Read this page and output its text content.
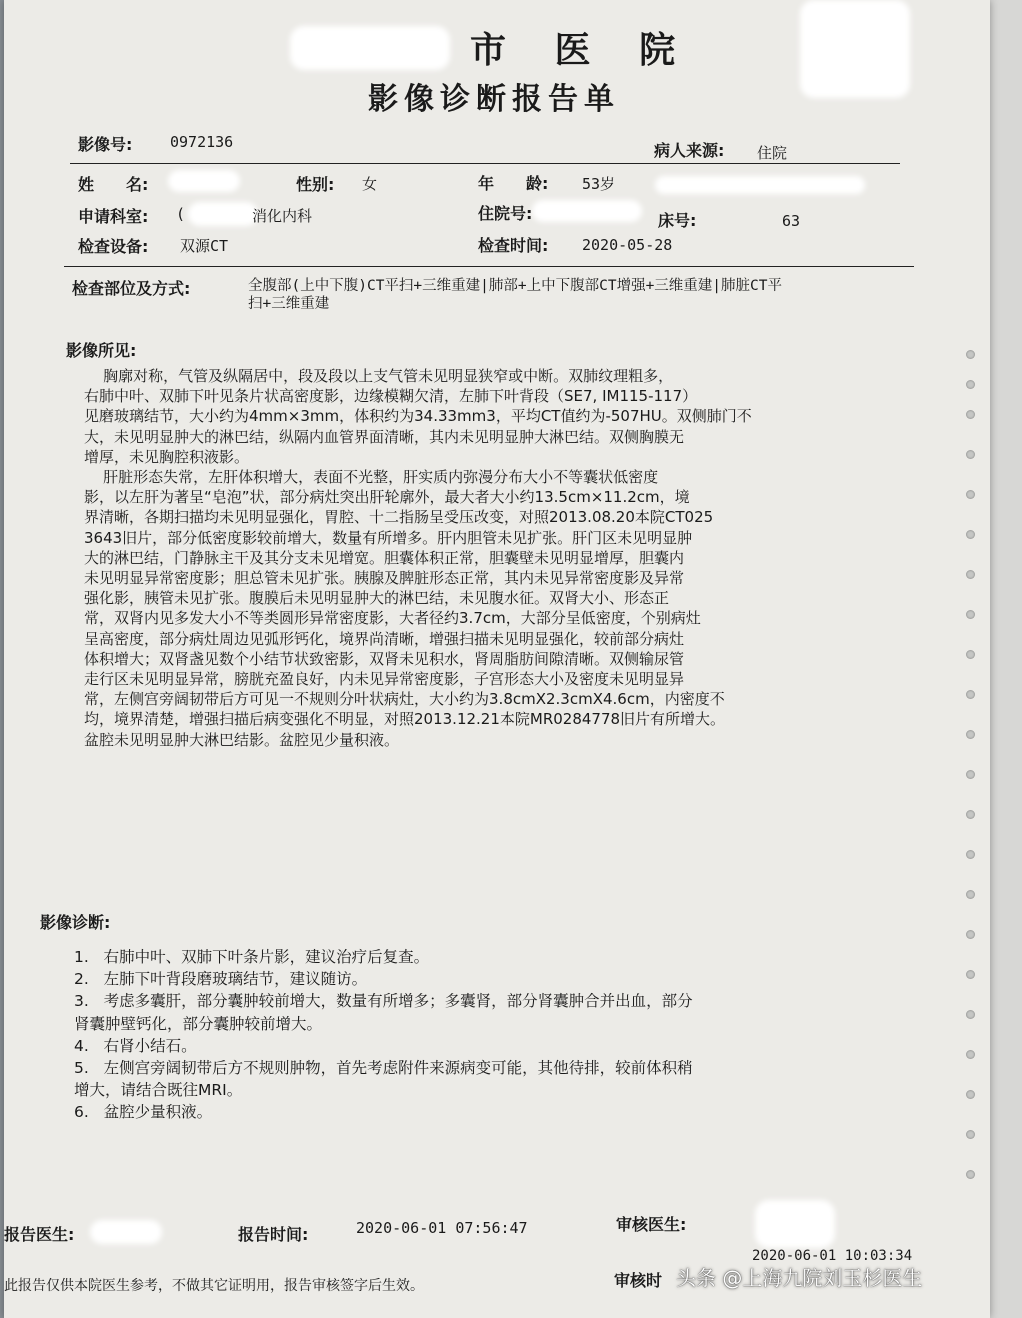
市 医 院
影像诊断报告单
影像号:	0972136	病人来源: 住院
姓　　名:	性别: 女	年　　龄: 53岁
申请科室: (	消化内科	住院号:	床号:	63
检查设备: 双源CT	检查时间: 2020-05-28
检查部位及方式:	全腹部(上中下腹)CT平扫+三维重建|肺部+上中下腹部CT增强+三维重建|肺脏CT平
扫+三维重建
影像所见:
胸廓对称，气管及纵隔居中，段及段以上支气管未见明显狭窄或中断。双肺纹理粗多，
右肺中叶、双肺下叶见条片状高密度影，边缘模糊欠清，左肺下叶背段（SE7, IM115-117）
见磨玻璃结节，大小约为4mm×3mm，体积约为34.33mm3，平均CT值约为-507HU。双侧肺门不
大，未见明显肿大的淋巴结，纵隔内血管界面清晰，其内未见明显肿大淋巴结。双侧胸膜无
增厚，未见胸腔积液影。
肝脏形态失常，左肝体积增大，表面不光整，肝实质内弥漫分布大小不等囊状低密度
影，以左肝为著呈“皂泡”状，部分病灶突出肝轮廓外，最大者大小约13.5cm×11.2cm，境
界清晰，各期扫描均未见明显强化，胃腔、十二指肠呈受压改变，对照2013.08.20本院CT025
3643旧片，部分低密度影较前增大，数量有所增多。肝内胆管未见扩张。肝门区未见明显肿
大的淋巴结，门静脉主干及其分支未见增宽。胆囊体积正常，胆囊壁未见明显增厚，胆囊内
未见明显异常密度影；胆总管未见扩张。胰腺及脾脏形态正常，其内未见异常密度影及异常
强化影，胰管未见扩张。腹膜后未见明显肿大的淋巴结，未见腹水征。双肾大小、形态正
常，双肾内见多发大小不等类圆形异常密度影，大者径约3.7cm，大部分呈低密度，个别病灶
呈高密度，部分病灶周边见弧形钙化，境界尚清晰，增强扫描未见明显强化，较前部分病灶
体积增大；双肾盏见数个小结节状致密影，双肾未见积水，肾周脂肪间隙清晰。双侧输尿管
走行区未见明显异常，膀胱充盈良好，内未见异常密度影，子宫形态大小及密度未见明显异
常，左侧宫旁阔韧带后方可见一不规则分叶状病灶，大小约为3.8cmX2.3cmX4.6cm，内密度不
均，境界清楚，增强扫描后病变强化不明显，对照2013.12.21本院MR0284778旧片有所增大。
盆腔未见明显肿大淋巴结影。盆腔见少量积液。
影像诊断:
1.   右肺中叶、双肺下叶条片影，建议治疗后复查。
2.   左肺下叶背段磨玻璃结节，建议随访。
3.   考虑多囊肝，部分囊肿较前增大，数量有所增多；多囊肾，部分肾囊肿合并出血，部分
肾囊肿壁钙化，部分囊肿较前增大。
4.   右肾小结石。
5.   左侧宫旁阔韧带后方不规则肿物，首先考虑附件来源病变可能，其他待排，较前体积稍
增大，请结合既往MRI。
6.   盆腔少量积液。
报告医生:	报告时间:	2020-06-01 07:56:47	审核医生:
此报告仅供本院医生参考，不做其它证明用，报告审核签字后生效。	审核时
2020-06-01 10:03:34
头条 @上海九院刘玉杉医生
